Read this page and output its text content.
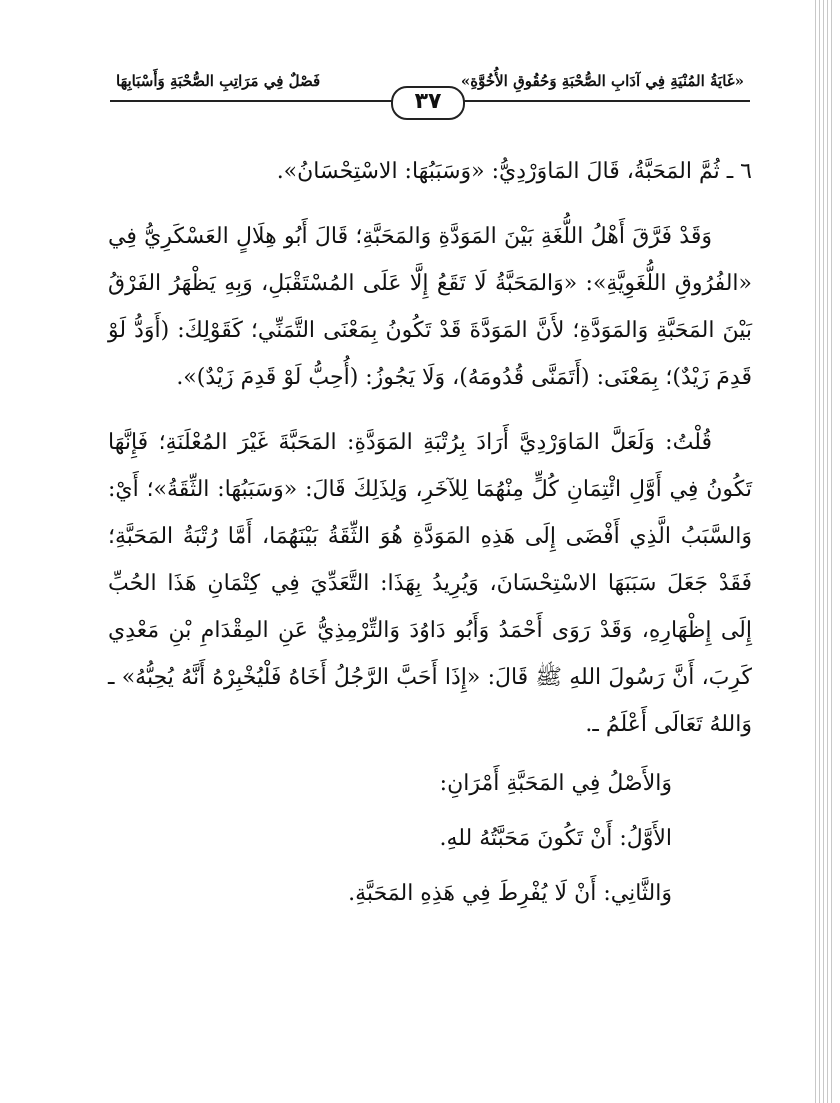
«غَايَةُ المُنْيَةِ فِي آدَابِ الصُّحْبَةِ وَحُقُوقِ الأُخُوَّةِ»
فَصْلٌ فِي مَرَاتِبِ الصُّحْبَةِ وَأَسْبَابِهَا
٣٧

٦ ـ ثُمَّ المَحَبَّةُ، قَالَ المَاوَرْدِيُّ: «وَسَبَبُهَا: الاسْتِحْسَانُ».

وَقَدْ فَرَّقَ أَهْلُ اللُّغَةِ بَيْنَ المَوَدَّةِ وَالمَحَبَّةِ؛ قَالَ أَبُو هِلَالٍ العَسْكَرِيُّ فِي «الفُرُوقِ اللُّغَوِيَّةِ»: «وَالمَحَبَّةُ لَا تَقَعُ إِلَّا عَلَى المُسْتَقْبَلِ، وَبِهِ يَظْهَرُ الفَرْقُ بَيْنَ المَحَبَّةِ وَالمَوَدَّةِ؛ لأَنَّ المَوَدَّةَ قَدْ تَكُونُ بِمَعْنَى التَّمَنِّي؛ كَقَوْلِكَ: (أَوَدُّ لَوْ قَدِمَ زَيْدٌ)؛ بِمَعْنَى: (أَتَمَنَّى قُدُومَهُ)، وَلَا يَجُوزُ: (أُحِبُّ لَوْ قَدِمَ زَيْدٌ)».

قُلْتُ: وَلَعَلَّ المَاوَرْدِيَّ أَرَادَ بِرُتْبَةِ المَوَدَّةِ: المَحَبَّةَ غَيْرَ المُعْلَنَةِ؛ فَإِنَّهَا تَكُونُ فِي أَوَّلِ ائْتِمَانِ كُلٍّ مِنْهُمَا لِلآخَرِ، وَلِذَلِكَ قَالَ: «وَسَبَبُهَا: الثِّقَةُ»؛ أَيْ: وَالسَّبَبُ الَّذِي أَفْضَى إِلَى هَذِهِ المَوَدَّةِ هُوَ الثِّقَةُ بَيْنَهُمَا، أَمَّا رُتْبَةُ المَحَبَّةِ؛ فَقَدْ جَعَلَ سَبَبَهَا الاسْتِحْسَانَ، وَيُرِيدُ بِهَذَا: التَّعَدِّيَ فِي كِتْمَانِ هَذَا الحُبِّ إِلَى إِظْهَارِهِ، وَقَدْ رَوَى أَحْمَدُ وَأَبُو دَاوُدَ وَالتِّرْمِذِيُّ عَنِ المِقْدَامِ بْنِ مَعْدِي كَرِبَ، أَنَّ رَسُولَ اللهِ ﷺ قَالَ: «إِذَا أَحَبَّ الرَّجُلُ أَخَاهُ فَلْيُخْبِرْهُ أَنَّهُ يُحِبُّهُ» ـ وَاللهُ تَعَالَى أَعْلَمُ ـ.

وَالأَصْلُ فِي المَحَبَّةِ أَمْرَانِ:

الأَوَّلُ: أَنْ تَكُونَ مَحَبَّتُهُ للهِ.

وَالثَّانِي: أَنْ لَا يُفْرِطَ فِي هَذِهِ المَحَبَّةِ.
